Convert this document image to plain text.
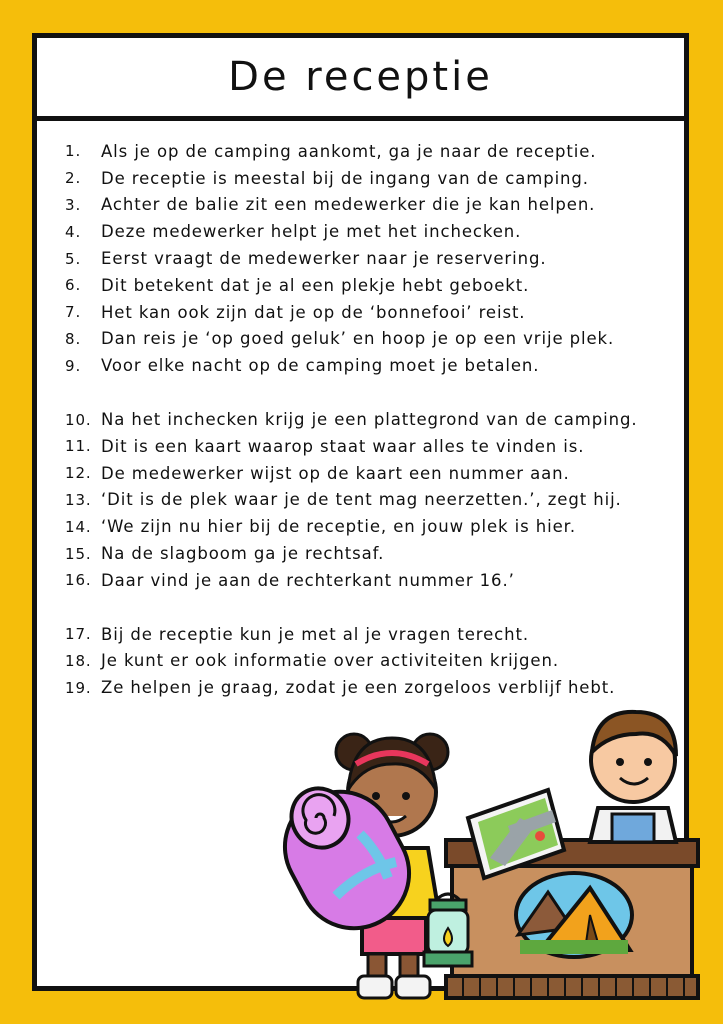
De receptie
1.	Als je op de camping aankomt, ga je naar de receptie.
2.	De receptie is meestal bij de ingang van de camping.
3.	Achter de balie zit een medewerker die je kan helpen.
4.	Deze medewerker helpt je met het inchecken.
5.	Eerst vraagt de medewerker naar je reservering.
6.	Dit betekent dat je al een plekje hebt geboekt.
7.	Het kan ook zijn dat je op de ‘bonnefooi’ reist.
8.	Dan reis je ‘op goed geluk’ en hoop je op een vrije plek.
9.	Voor elke nacht op de camping moet je betalen.
10. Na het inchecken krijg je een plattegrond van de camping.
11. Dit is een kaart waarop staat waar alles te vinden is.
12. De medewerker wijst op de kaart een nummer aan.
13. ‘Dit is de plek waar je de tent mag neerzetten.’, zegt hij.
14. ‘We zijn nu hier bij de receptie, en jouw plek is hier.
15. Na de slagboom ga je rechtsaf.
16. Daar vind je aan de rechterkant nummer 16.’
17. Bij de receptie kun je met al je vragen terecht.
18. Je kunt er ook informatie over activiteiten krijgen.
19. Ze helpen je graag, zodat je een zorgeloos verblijf hebt.
